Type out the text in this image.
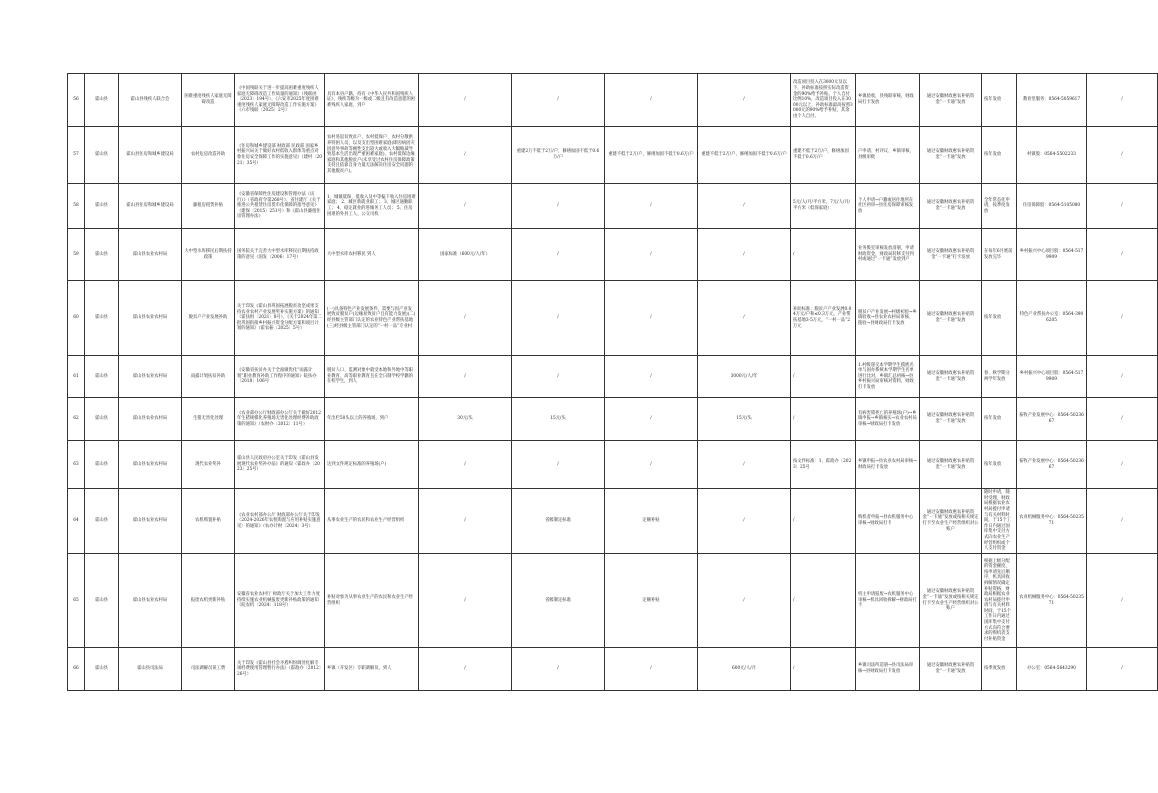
56	霍山县	霍山县残疾人联合会	困难重度残疾人家庭无障碍改造	《中国残联关于进一步提高困难重度残疾人家庭无障碍改造工作质量的通知》（残联函〔2023〕194号）、《六安市2025年度困难重度残疾人家庭无障碍改造工作实施方案》（六市残联〔2025〕2号）	具有本县户籍，持有《中华人民共和国残疾人证》，残疾等级为一级或二级且有改造意愿的困难残疾人家庭，到户	/	/	/	/	改造项目投入在3000元及以下，补助标准按照实际改造资金的90%给予补贴。个人自付比例10%，改造项目投入在3000元以上，补助标准最高按照3000元的90%给予补贴，其余由个人自付。	乡镇验收，县残联审核，财政局打卡发放	通过安徽财政惠农补贴资金“一卡通”发放	按年发放	教育堂服务：0564-5059617	/
57	霍山县	霍山县住房和城乡建设局	农村危房改造补助	《住房和城乡建设部 财政部 民政部 国家乡村振兴局关于做好农村低收入群体等重点对象住房安全保障工作的实施意见》（建村〔2021〕35号）	农村易返贫致贫户、农村低保户、农村分散供养特困人员，以及支出型困难家庭(即因病因灾因意外事故等刚性支出较大或收入大幅缩减导致基本生活出现严重困难家庭)、农村低保边缘家庭和其他脱贫户(未享受过农村住房保障政策支持且依靠自身力量无法解决住房安全问题的其他脱贫户)。	/	重建2万不低于2万/户，修缮加固不低于0.6万/户	重建不低于2万/户，修缮加固不低于0.6万/户	重建不低于2万/户，修缮加固不低于0.6万/户	重建不低于2万/户，修缮加固不低于0.6万/户	户申请、村评议、乡镇审核、县级审批	通过安徽财政惠农补贴资金“一卡通”发放	按年发放	村镇股：0564-5502233	/
58	霍山县	霍山县住房和城乡建设局	廉租房租赁补贴	《安徽省保障性住房建设和管理办法（试行）》（省政府令第268号）、省住建厅《关于推进公共租赁住房货币化保障的指导意见》（建保〔2015〕251号）和《霍山县廉租住房管理办法》	1、城镇低保、低收入及中等偏下收入住房困难家庭； 2、城区新就业职工； 3、城区通勤职工； 4、稳定就业的进城务工人员； 5、住房困难的外县工人、公交司机	/	/	/	/	5元/人/月/平方米，7元/人/月/平方米（低保家庭）	个人申请→户籍或居住地所在社区初审→县住房保障审核发放	通过安徽财政惠农补贴资金“一卡通”发放	全年常态化申请，按季度发放	住房保障股：0564-5105080	/
59	霍山县	霍山县农业农村局	大中型水库移民后期扶持政策	国务院关于完善大中型水库移民后期扶持政策的意见（国发〔2006〕17号）	大中型水库农村移民 到人	国家标准（600元/人/年）	/	/	/	/	业务股室审核发放清册，申请财政资金，财政局转移支付到村或通过“一卡通”发放到户	通过安徽财政惠农补贴资金“一卡通”打卡发放	在每年6月底前发放完毕	乡村振兴中心项目股：0564-5179909	/
60	霍山县	霍山县农业农村局	脱贫户产业发展补助	关于印发《霍山县巩固拓展脱贫攻坚成果支持农业农村产业发展奖补实施方案》的通知（霍扶组〔2021〕8号）、《关于2024年第二批巩固衔接乡村振兴资金分配方案和项目计划的通知》（霍农振〔2025〕5号）	(一)具备特色产业发展条件、需要与因产业发展致贫脱贫户(边缘易致贫户且有能力发展)(二)经县级主管部门认定的农业特色产业帮扶基地(三)经县级主管部门认定的“一村一品”专业村	/	/	/	/	补助标准：脱贫户产业发展0.04万元/户和≤0.3万元，产业帮扶基地3-5万元，“一村一品”2万元	脱贫户产业发展→村级初验→乡镇验收→县农业农村局审核、拨验→县财政局打卡发放	通过安徽财政惠农补贴资金“一卡通”发放	按年发放	特色产业帮扶办公室：0564-3906205	/
61	霍山县	霍山县农业农村局	雨露计划扶贫补助	《安徽省扶贫办关于全面做优化“雨露计划”职业教育补助工作程序的通知》皖扶办〔2018〕106号	脱贫人口、监测对象中就受本地和外地中等职业教育、高等职业教育且在全日制学校学籍的在校学生，到人	/	/	/	3000元/人/年	/	1.村级递交本学期学生摸底名单与国办系统本学期学生名单进行比对，乡镇汇总初核→县乡村振兴局审核对资料，财政打卡发放	通过安徽财政惠农补贴资金“一卡通”发放	春、秋学期分两学年发放	乡村振兴中心项目股：0564-5179909	/
62	霍山县	霍山县农业农村局	生猪无害化处理	《农业部办公厅财政部办公厅关于做好2012年生猪规模化养殖场无害化处理经费补助政策的通知》（农财办〔2012〕11号）	年出栏50头以上的养殖场，到户	30元/头	15元/头	/	15元/头	/	有病害猪死亡的养殖场(户)→乡镇申报→乡镇核实→农业农村局审核→财政局打卡发放	通过安徽财政惠农补贴资金“一卡通”发放	按年发放	畜牧产业发展中心：0564-5023667	/
63	霍山县	霍山县农业农村局	现代农业奖补	霍山县人民政府办公室关于印发《霍山县发展现代农业奖补办法》的通知（霍政办〔2023〕25号）	达到文件规定标准的养殖场(户)	/	/	/	/	按文件标准：1、霍政办〔2023〕25号	乡镇申报→县农业农村局审核→财政局打卡发放	通过安徽财政惠农补贴资金“一卡通”发放	按年发放	畜牧产业发展中心：0564-5023667	/
64	霍山县	霍山县农业农村局	农机购置补贴	《农业农村部办公厅 财政部办公厅关于印发〈2024-2026年农机购置与应用补贴实施意见〉的通知》（农办计财〔2024〕3号）	从事农业生产的农民和农业生产经营组织	/	省级制定标准	定额补贴	/	/	购机者申报→县农机服务中心审核→财政局打卡	通过安徽财政惠农补贴资金“一卡通”发放或按相关规定打卡至农业生产经营组织对公账户	随时申请，随时受理，财政局根据农业农村局拨付申请与有关材料时间，于15个工作日内通过国库集中支付方式向农业生产经营组织或个人支付资金	农业机械服务中心：0564-5023571	/
65	霍山县	霍山县农业农村局	报废农机更新补贴	安徽省农业农村厅 财政厅关于加大工作力度持续实施农业机械报废更新补贴政策的通知（皖农机〔2024〕118号）	补贴对象为从事农业生产的农民和农业生产经营组织	/	省级制定标准	定额补贴	/	/	机主申请报废→农机服务中心审核→机具回收拆解→财政局打卡	通过安徽财政惠农补贴资金“一卡通”发放或按相关规定打卡至农业生产经营组织对公账户	根据上级分配的资金额度，按申请先后顺序，机具回收拆解情况确定补贴资格，财政局根据农业农村局拨付申请与有关材料时间，于15个工作日内通过国库集中支付方式向符合要求的购机者支付补贴资金	农业机械服务中心：0564-5023571	/
66	霍山县	霍山县司法局	司法调解员误工费	关于印发《霍山县社会矛盾纠纷调处化解专项经费使用管理暂行办法》（霍政办〔2012〕26号）	乡镇（开发区）专职调解员，到人	/	/	/	600元/人/月	/	乡镇司法所造册→县司法局审核→县财政局打卡发放	通过安徽财政惠农补贴资金“一卡通”发放	按季度发放	办公室：0564-5643290	/
